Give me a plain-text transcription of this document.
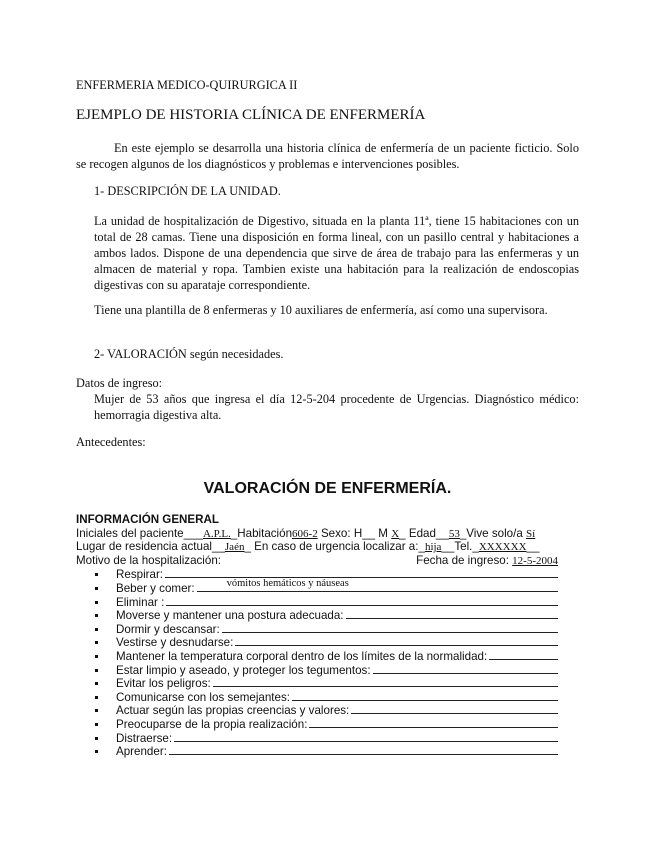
ENFERMERIA MEDICO-QUIRURGICA II
EJEMPLO DE HISTORIA CLÍNICA DE ENFERMERÍA
En este ejemplo se desarrolla una historia clínica de enfermería de un paciente ficticio. Solo se recogen algunos de los diagnósticos y problemas e intervenciones posibles.
1- DESCRIPCIÓN DE LA UNIDAD.
La unidad de hospitalización de Digestivo, situada en la planta 11ª, tiene 15 habitaciones con un total de 28 camas. Tiene una disposición en forma lineal, con un pasillo central y habitaciones a ambos lados. Dispone de una dependencia que sirve de área de trabajo para las enfermeras y un almacen de material y ropa. Tambien existe una habitación para la realización de endoscopias digestivas con su aparataje correspondiente.
Tiene una plantilla de 8 enfermeras y 10 auxiliares de enfermería, así como una supervisora.
2- VALORACIÓN según necesidades.
Datos de ingreso:
Mujer de 53 años que ingresa el día 12-5-204 procedente de Urgencias. Diagnóstico médico: hemorragia digestiva alta.
Antecedentes:
VALORACIÓN DE ENFERMERÍA.
INFORMACIÓN GENERAL
Iniciales del paciente ___ A.P.L. _ Habitación 606-2
Sexo: H__ M
X _
Edad __ 53 _ Vive solo/a
Sí
Lugar de residencia actual __ Jaén _
En caso de urgencia localizar a: _ hija __ Tel. _ XXXXXX __
Motivo de la hospitalización:	Fecha de ingreso:
12-5-2004
Respirar:
Beber y comer:	vómitos hemáticos y náuseas
Eliminar :
Moverse y mantener una postura adecuada:
Dormir y descansar:
Vestirse y desnudarse:
Mantener la temperatura corporal dentro de los límites de la normalidad:
Estar limpio y aseado, y proteger los tegumentos:
Evitar los peligros:
Comunicarse con los semejantes:
Actuar según las propias creencias y valores:
Preocuparse de la propia realización:
Distraerse:
Aprender:
